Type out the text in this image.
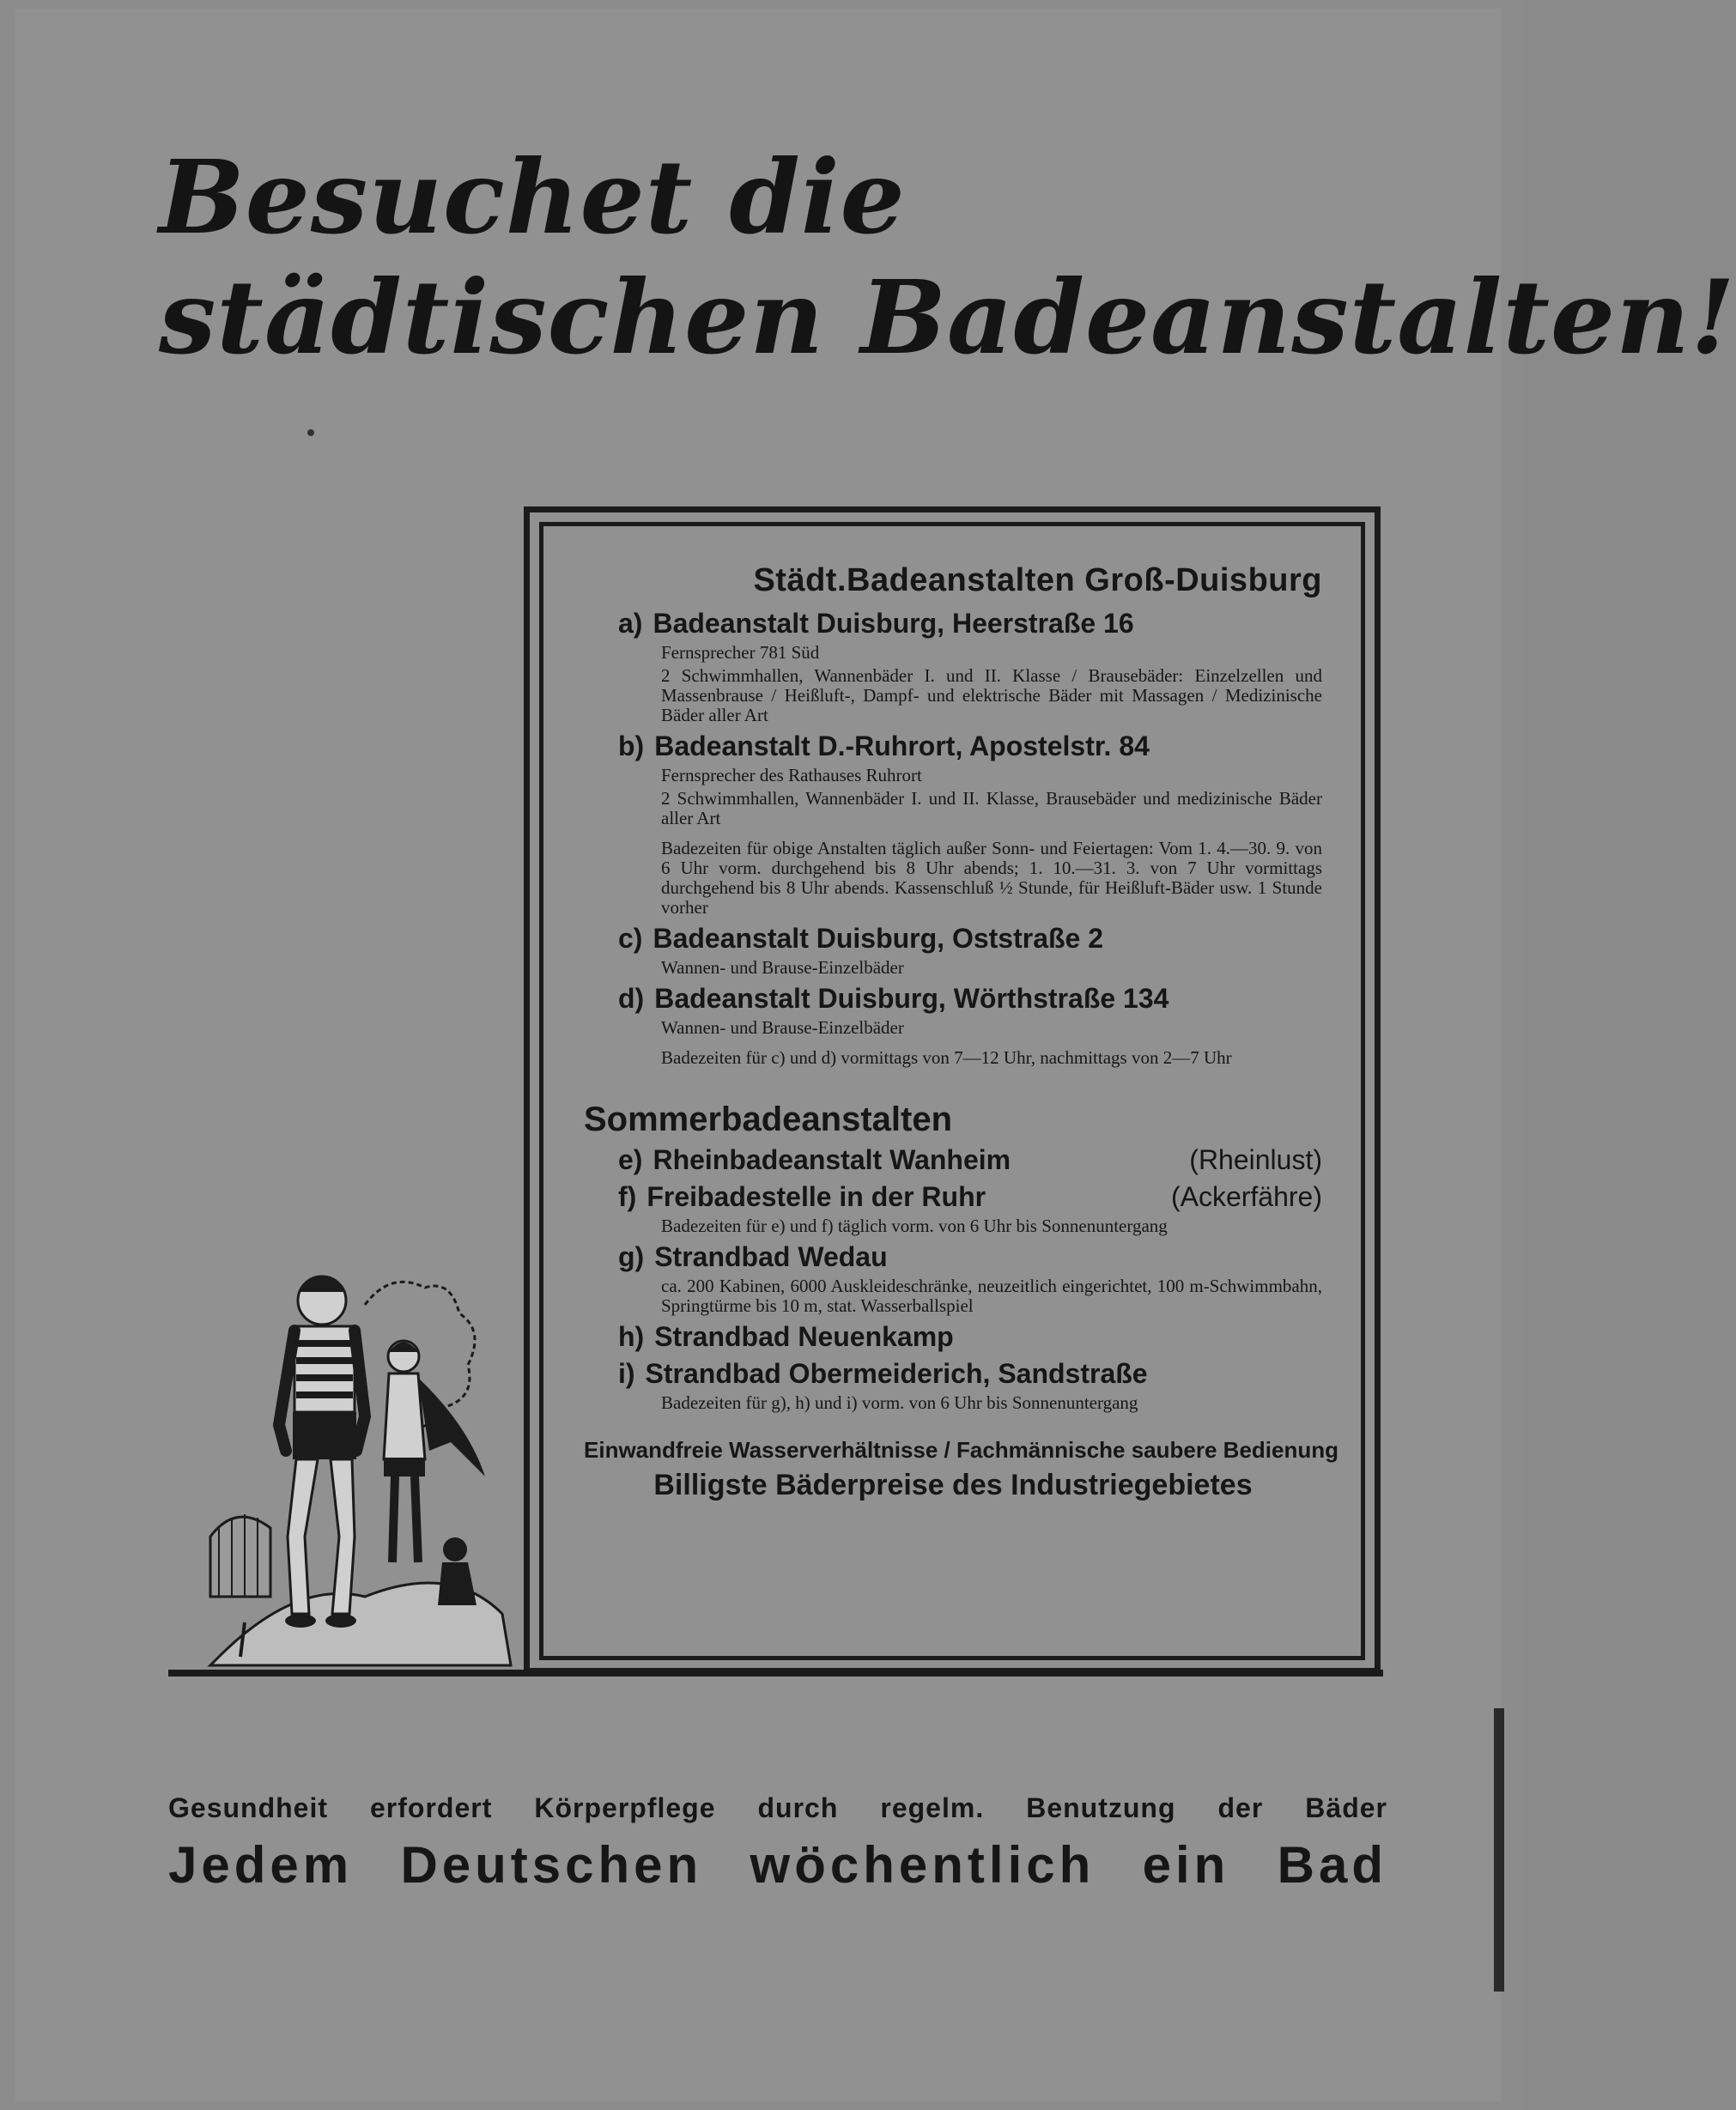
Besuchet die
städtischen Badeanstalten!
Städt.Badeanstalten Groß-Duisburg
a) Badeanstalt Duisburg, Heerstraße 16
Fernsprecher 781 Süd
2 Schwimmhallen, Wannenbäder I. und II. Klasse / Brausebäder: Einzelzellen und Massenbrause / Heißluft-, Dampf- und elektrische Bäder mit Massagen / Medizinische Bäder aller Art
b) Badeanstalt D.-Ruhrort, Apostelstr. 84
Fernsprecher des Rathauses Ruhrort
2 Schwimmhallen, Wannenbäder I. und II. Klasse, Brausebäder und medizinische Bäder aller Art
Badezeiten für obige Anstalten täglich außer Sonn- und Feiertagen: Vom 1. 4.—30. 9. von 6 Uhr vorm. durchgehend bis 8 Uhr abends; 1. 10.—31. 3. von 7 Uhr vormittags durchgehend bis 8 Uhr abends. Kassenschluß ½ Stunde, für Heißluft-Bäder usw. 1 Stunde vorher
c) Badeanstalt Duisburg, Oststraße 2
Wannen- und Brause-Einzelbäder
d) Badeanstalt Duisburg, Wörthstraße 134
Wannen- und Brause-Einzelbäder
Badezeiten für c) und d) vormittags von 7—12 Uhr, nachmittags von 2—7 Uhr
Sommerbadeanstalten
e) Rheinbadeanstalt Wanheim	(Rheinlust)
f) Freibadestelle in der Ruhr	(Ackerfähre)
Badezeiten für e) und f) täglich vorm. von 6 Uhr bis Sonnenuntergang
g) Strandbad Wedau
ca. 200 Kabinen, 6000 Auskleideschränke, neuzeitlich eingerichtet, 100 m-Schwimmbahn, Springtürme bis 10 m, stat. Wasserballspiel
h) Strandbad Neuenkamp
i) Strandbad Obermeiderich, Sandstraße
Badezeiten für g), h) und i) vorm. von 6 Uhr bis Sonnenuntergang
Einwandfreie Wasserverhältnisse / Fachmännische saubere Bedienung
Billigste Bäderpreise des Industriegebietes
Gesundheit erfordert Körperpflege durch regelm. Benutzung der Bäder
Jedem Deutschen wöchentlich ein Bad
